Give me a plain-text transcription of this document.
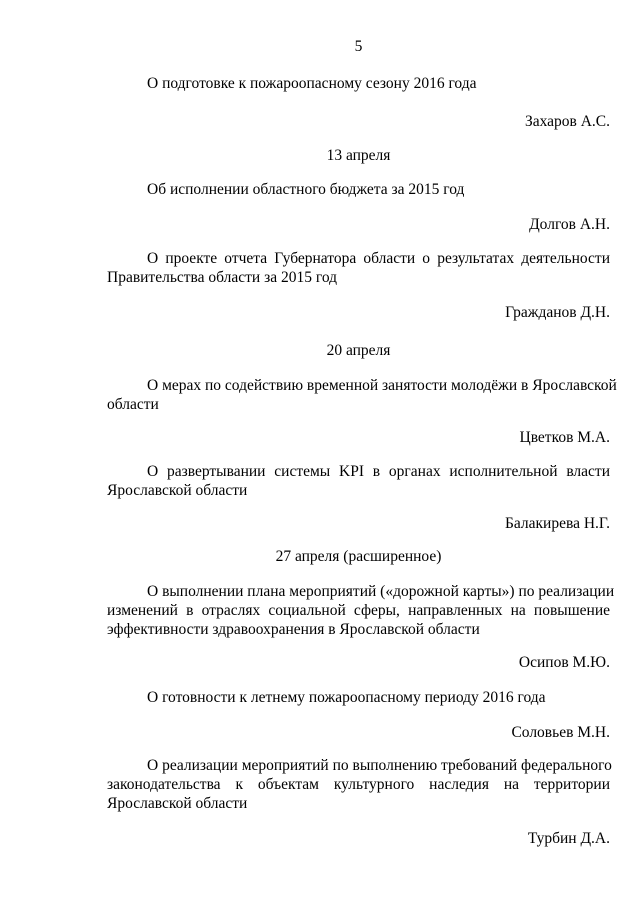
5

О подготовке к пожароопасному сезону 2016 года

Захаров А.С.

13 апреля

Об исполнении областного бюджета за 2015 год

Долгов А.Н.

О проекте отчета Губернатора области о результатах деятельности
Правительства области за 2015 год

Гражданов Д.Н.

20 апреля

О мерах по содействию временной занятости молодёжи в Ярославской
области

Цветков М.А.

О развертывании системы KPI в органах исполнительной власти
Ярославской области

Балакирева Н.Г.

27 апреля (расширенное)

О выполнении плана мероприятий («дорожной карты») по реализации
изменений в отраслях социальной сферы, направленных на повышение
эффективности здравоохранения в Ярославской области

Осипов М.Ю.

О готовности к летнему пожароопасному периоду 2016 года

Соловьев М.Н.

О реализации мероприятий по выполнению требований федерального
законодательства к объектам культурного наследия на территории
Ярославской области

Турбин Д.А.
